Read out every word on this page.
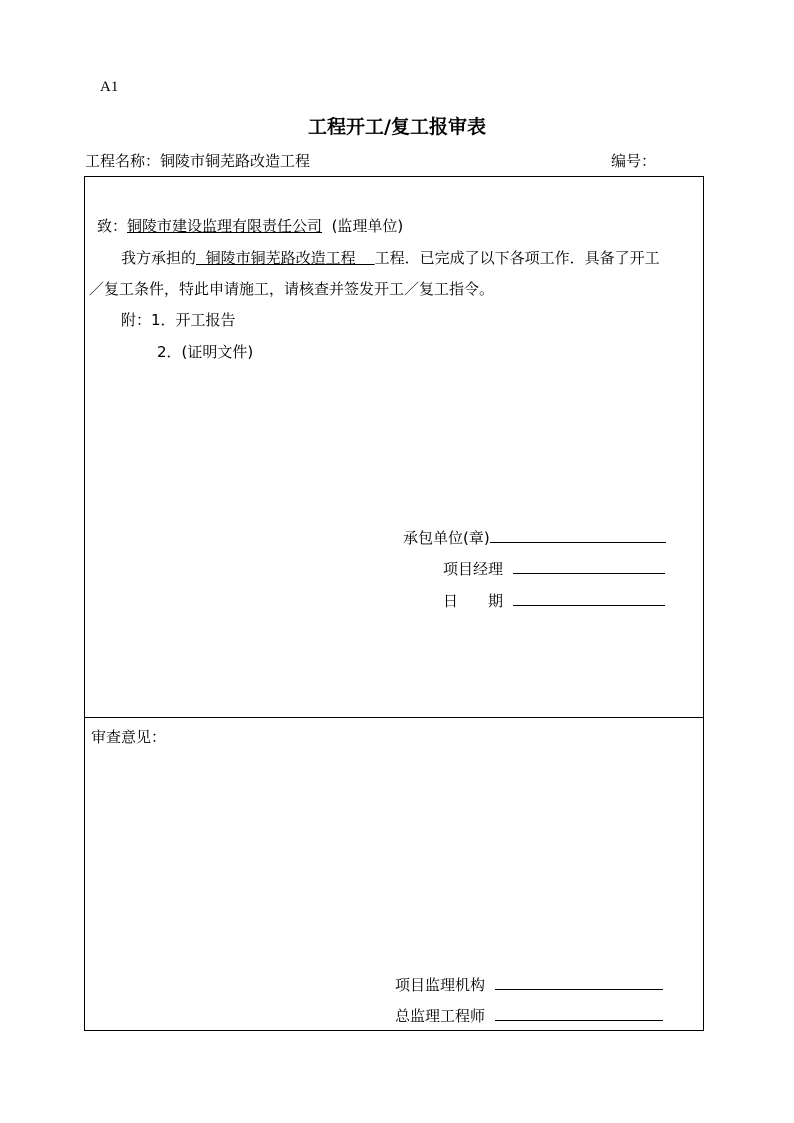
A1
工程开工/复工报审表
工程名称：铜陵市铜芜路改造工程	编号：
致：铜陵市建设监理有限责任公司 (监理单位)
我方承担的 铜陵市铜芜路改造工程 工程．已完成了以下各项工作．具备了开工
／复工条件，特此申请施工，请核查并签发开工／复工指令。
附：1．开工报告
2．(证明文件)
承包单位(章)
项目经理
日　　期
审查意见：
项目监理机构
总监理工程师
